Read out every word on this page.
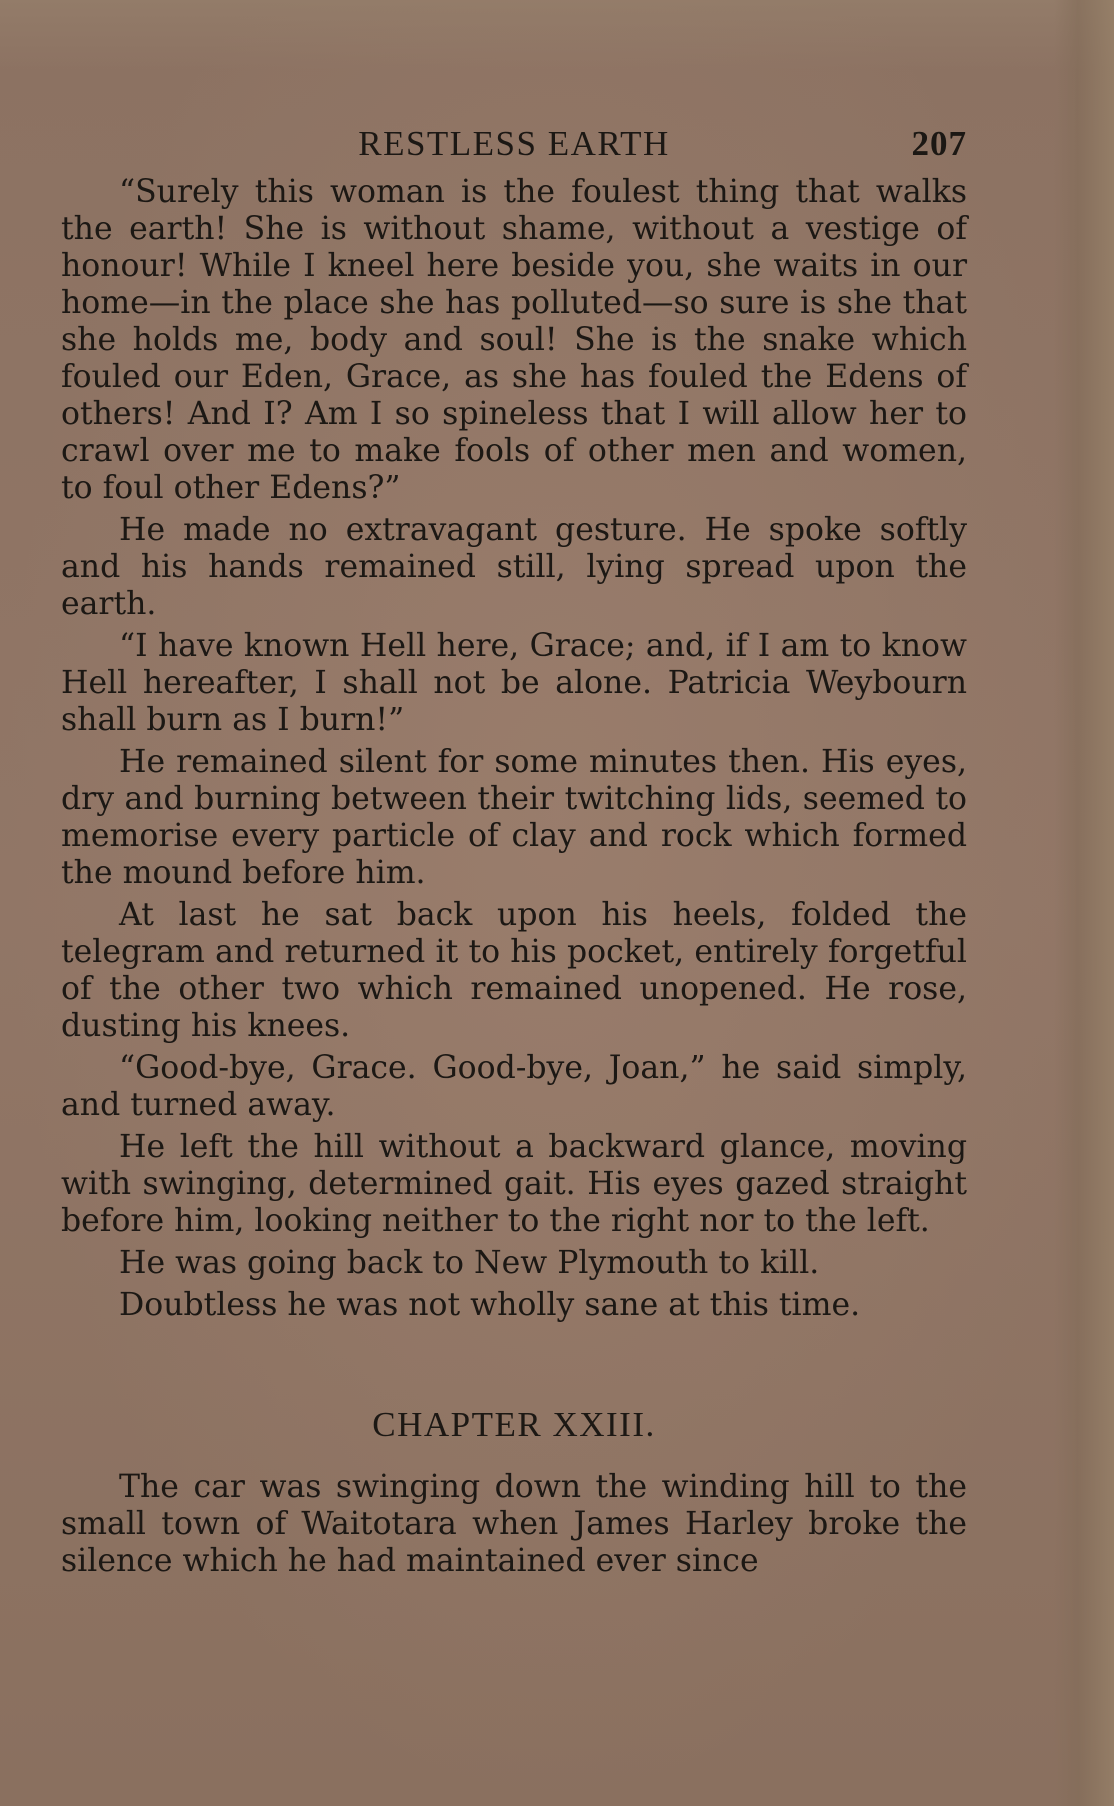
RESTLESS EARTH	207

“Surely this woman is the foulest thing that walks the earth! She is without shame, without a vestige of honour! While I kneel here beside you, she waits in our home—in the place she has polluted—so sure is she that she holds me, body and soul! She is the snake which fouled our Eden, Grace, as she has fouled the Edens of others! And I? Am I so spineless that I will allow her to crawl over me to make fools of other men and women, to foul other Edens?”

He made no extravagant gesture. He spoke softly and his hands remained still, lying spread upon the earth.

“I have known Hell here, Grace; and, if I am to know Hell hereafter, I shall not be alone. Patricia Weybourn shall burn as I burn!”

He remained silent for some minutes then. His eyes, dry and burning between their twitching lids, seemed to memorise every particle of clay and rock which formed the mound before him.

At last he sat back upon his heels, folded the telegram and returned it to his pocket, entirely forgetful of the other two which remained unopened. He rose, dusting his knees.

“Good-bye, Grace. Good-bye, Joan,” he said simply, and turned away.

He left the hill without a backward glance, moving with swinging, determined gait. His eyes gazed straight before him, looking neither to the right nor to the left.

He was going back to New Plymouth to kill.

Doubtless he was not wholly sane at this time.

CHAPTER XXIII.

The car was swinging down the winding hill to the small town of Waitotara when James Harley broke the silence which he had maintained ever since
